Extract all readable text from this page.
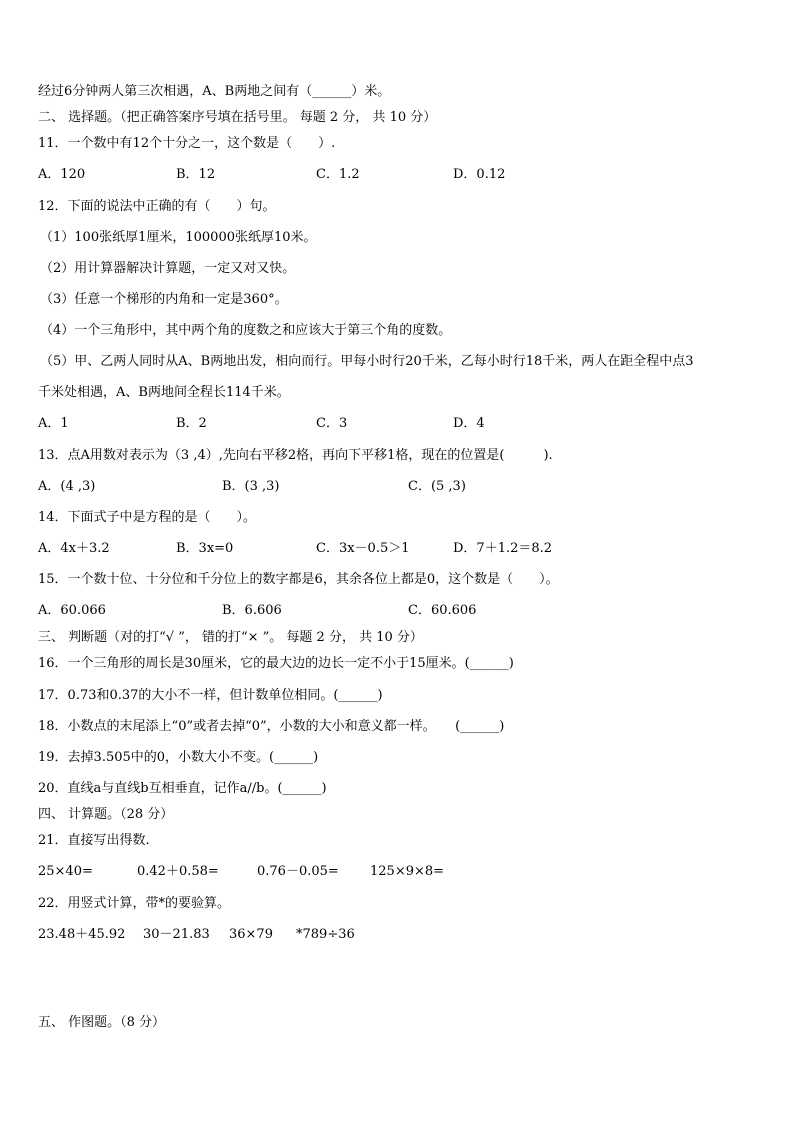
经过6分钟两人第三次相遇，A、B两地之间有（______）米。
二、 选择题。（把正确答案序号填在括号里。 每题 2 分， 共 10 分）
11．一个数中有12个十分之一，这个数是（　　）.
A．120	B．12	C．1.2	D．0.12
12．下面的说法中正确的有（　　）句。
（1）100张纸厚1厘米，100000张纸厚10米。
（2）用计算器解决计算题，一定又对又快。
（3）任意一个梯形的内角和一定是360°。
（4）一个三角形中，其中两个角的度数之和应该大于第三个角的度数。
（5）甲、乙两人同时从A、B两地出发，相向而行。甲每小时行20千米，乙每小时行18千米，两人在距全程中点3
千米处相遇，A、B两地间全程长114千米。
A．1	B．2	C．3	D．4
13．点A用数对表示为（3 ,4）,先向右平移2格，再向下平移1格，现在的位置是(　　　).
A．(4 ,3)	B．(3 ,3)	C．(5 ,3)
14．下面式子中是方程的是（　　）。
A．4x＋3.2	B．3x=0	C．3x－0.5＞1	D．7＋1.2＝8.2
15．一个数十位、十分位和千分位上的数字都是6，其余各位上都是0，这个数是（　　）。
A．60.066	B．6.606	C．60.606
三、 判断题（对的打“√ ”， 错的打“× ”。 每题 2 分， 共 10 分）
16．一个三角形的周长是30厘米，它的最大边的边长一定不小于15厘米。(______)
17．0.73和0.37的大小不一样，但计数单位相同。(______)
18．小数点的末尾添上“0”或者去掉“0”，小数的大小和意义都一样。　　(______)
19．去掉3.505中的0，小数大小不变。(______)
20．直线a与直线b互相垂直，记作a//b。(______)
四、 计算题。（28 分）
21．直接写出得数.
25×40=	0.42＋0.58=	0.76－0.05= 125×9×8=
22．用竖式计算，带*的要验算。
23.48＋45.92 30－21.83 36×79 *789÷36
五、 作图题。（8 分）
